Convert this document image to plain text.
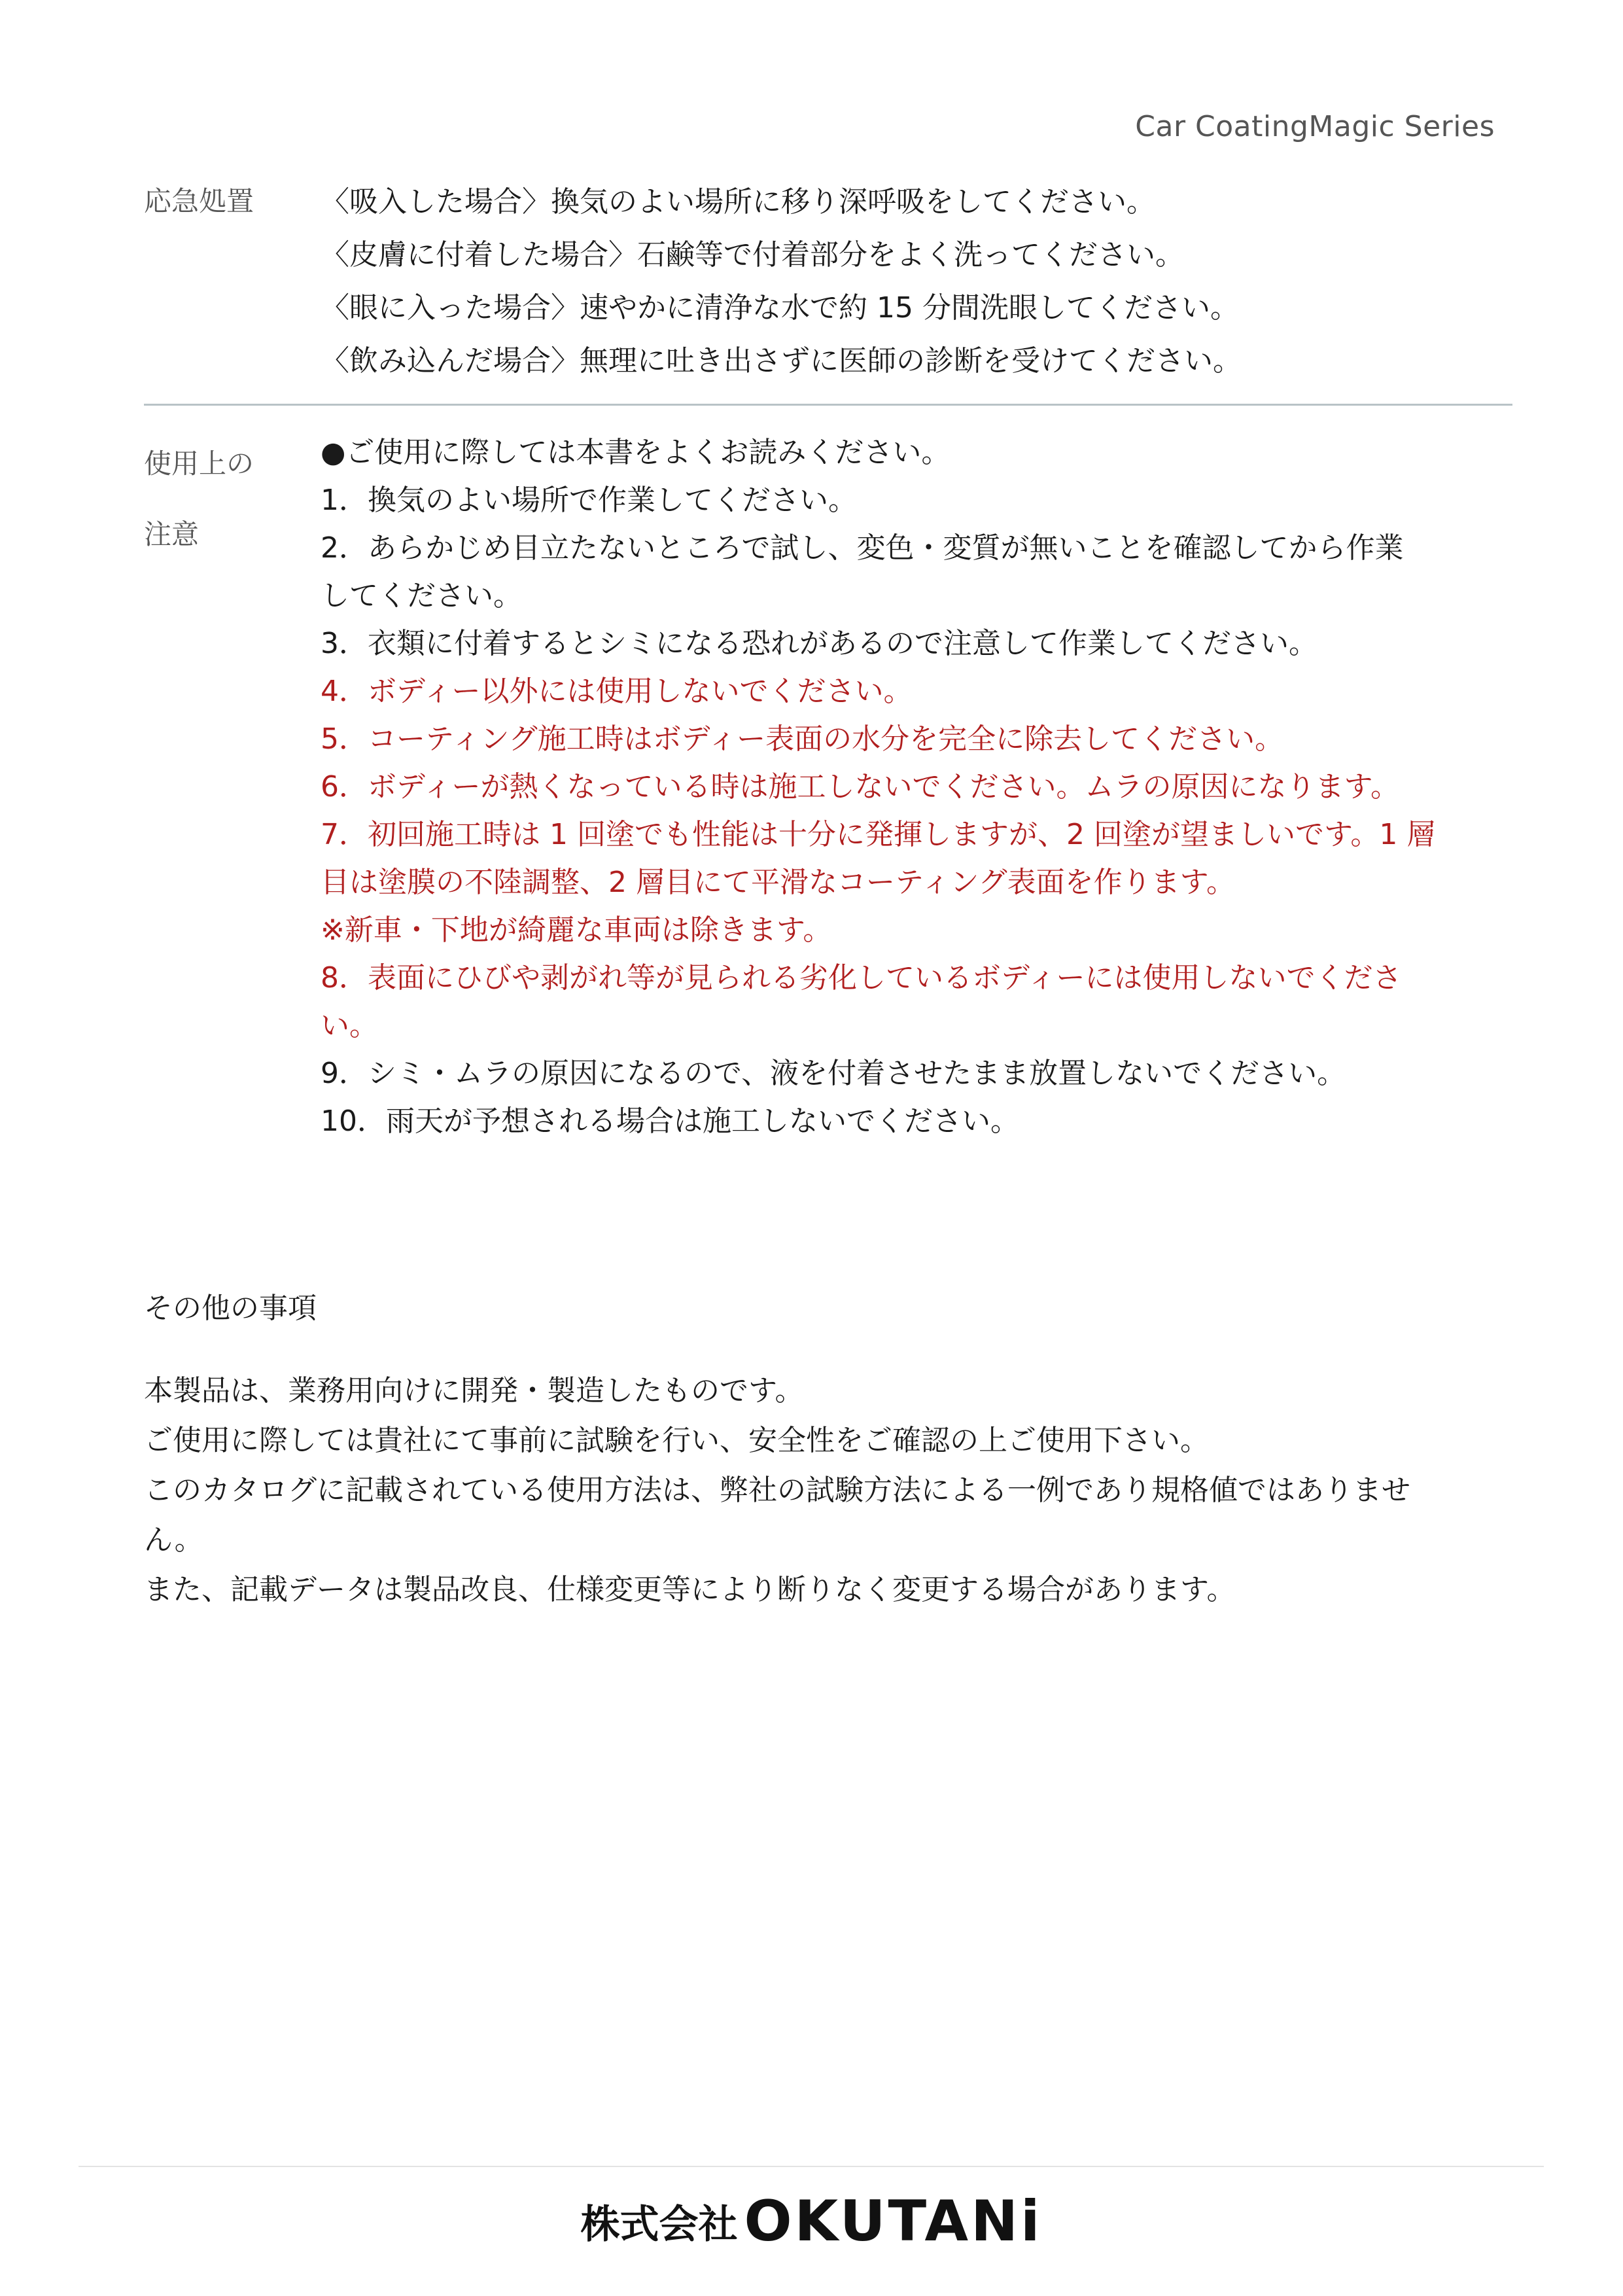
Car CoatingMagic Series
応急処置	〈吸入した場合〉換気のよい場所に移り深呼吸をしてください。

〈皮膚に付着した場合〉石鹸等で付着部分をよく洗ってください。

〈眼に入った場合〉速やかに清浄な水で約 15 分間洗眼してください。

〈飲み込んだ場合〉無理に吐き出さずに医師の診断を受けてください。

使用上の
注意

●ご使用に際しては本書をよくお読みください。

1．換気のよい場所で作業してください。

2．あらかじめ目立たないところで試し、変色・変質が無いことを確認してから作業

してください。

3．衣類に付着するとシミになる恐れがあるので注意して作業してください。

4．ボディー以外には使用しないでください。

5．コーティング施工時はボディー表面の水分を完全に除去してください。

6．ボディーが熱くなっている時は施工しないでください。ムラの原因になります。

7．初回施工時は 1 回塗でも性能は十分に発揮しますが、2 回塗が望ましいです。1 層

目は塗膜の不陸調整、2 層目にて平滑なコーティング表面を作ります。

※新車・下地が綺麗な車両は除きます。

8．表面にひびや剥がれ等が見られる劣化しているボディーには使用しないでくださ

い。

9．シミ・ムラの原因になるので、液を付着させたまま放置しないでください。

10．雨天が予想される場合は施工しないでください。

その他の事項

本製品は、業務用向けに開発・製造したものです。

ご使用に際しては貴社にて事前に試験を行い、安全性をご確認の上ご使用下さい。

このカタログに記載されている使用方法は、弊社の試験方法による一例であり規格値ではありませ

ん。

また、記載データは製品改良、仕様変更等により断りなく変更する場合があります。

株式会社 OKUTANi
